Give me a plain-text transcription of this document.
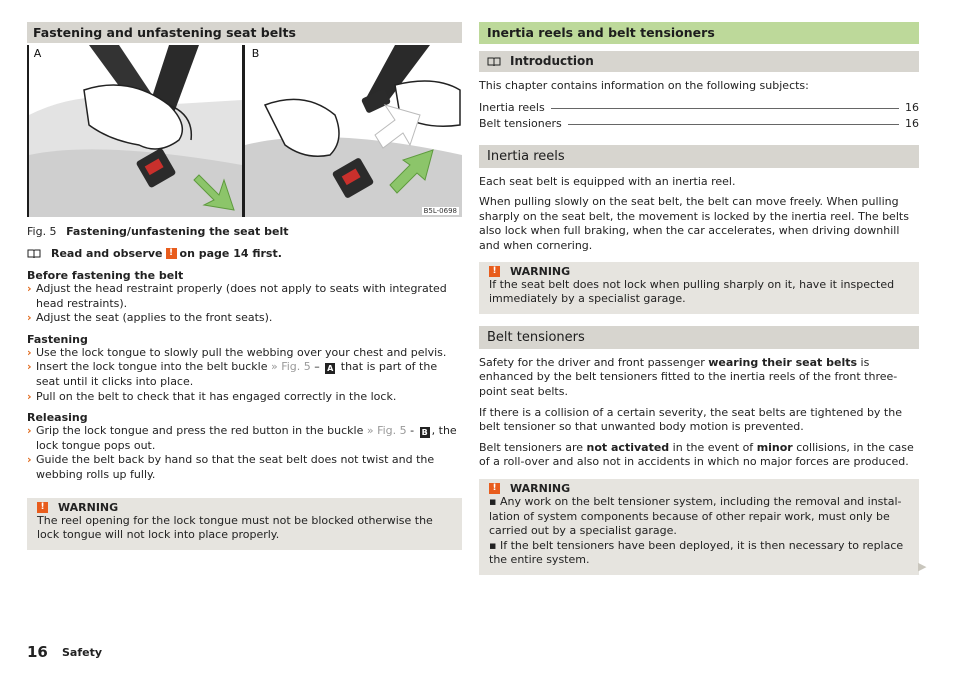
Fastening and unfastening seat belts
A	B
B5L-0698
Fig. 5 Fastening/unfastening the seat belt
Read and observe ! on page 14 first.
Before fastening the belt
› Adjust the head restraint properly (does not apply to seats with integrated head restraints).
› Adjust the seat (applies to the front seats).
Fastening
› Use the lock tongue to slowly pull the webbing over your chest and pelvis.
› Insert the lock tongue into the belt buckle » Fig. 5 – A that is part of the seat until it clicks into place.
› Pull on the belt to check that it has engaged correctly in the lock.
Releasing
› Grip the lock tongue and press the red button in the buckle » Fig. 5 - B , the lock tongue pops out.
› Guide the belt back by hand so that the seat belt does not twist and the webbing rolls up fully.
!	WARNING
The reel opening for the lock tongue must not be blocked otherwise the lock tongue will not lock into place properly.
Inertia reels and belt tensioners
Introduction

This chapter contains information on the following subjects:

Inertia reels	16
Belt tensioners	16
Inertia reels

Each seat belt is equipped with an inertia reel.

When pulling slowly on the seat belt, the belt can move freely. When pulling sharply on the seat belt, the movement is locked by the inertia reel. The belts also lock when full braking, when the car accelerates, when driving downhill and when cornering.

!	WARNING
If the seat belt does not lock when pulling sharply on it, have it inspected immediately by a specialist garage.
Belt tensioners

Safety for the driver and front passenger wearing their seat belts is enhanced by the belt tensioners fitted to the inertia reels of the front three-point seat belts.

If there is a collision of a certain severity, the seat belts are tightened by the belt tensioner so that unwanted body motion is prevented.

Belt tensioners are not activated in the event of minor collisions, in the case of a roll-over and also not in accidents in which no major forces are produced.

!	WARNING
▪ Any work on the belt tensioner system, including the removal and installation of system components because of other repair work, must only be carried out by a specialist garage.
▪ If the belt tensioners have been deployed, it is then necessary to replace the entire system.
▶
16 Safety
